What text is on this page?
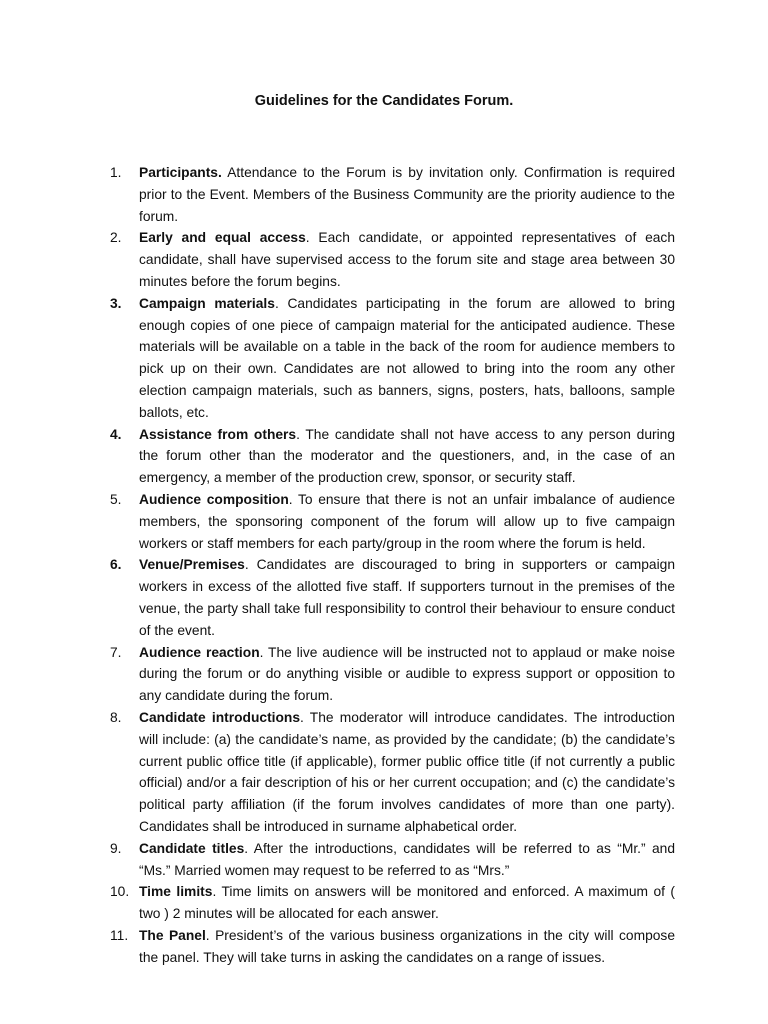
Guidelines for the Candidates Forum.
1.	Participants. Attendance to the Forum is by invitation only. Confirmation is required prior to the Event. Members of the Business Community are the priority audience to the forum.
2.	Early and equal access. Each candidate, or appointed representatives of each candidate, shall have supervised access to the forum site and stage area between 30 minutes before the forum begins.
3.	Campaign materials. Candidates participating in the forum are allowed to bring enough copies of one piece of campaign material for the anticipated audience. These materials will be available on a table in the back of the room for audience members to pick up on their own. Candidates are not allowed to bring into the room any other election campaign materials, such as banners, signs, posters, hats, balloons, sample ballots, etc.
4.	Assistance from others. The candidate shall not have access to any person during the forum other than the moderator and the questioners, and, in the case of an emergency, a member of the production crew, sponsor, or security staff.
5.	Audience composition. To ensure that there is not an unfair imbalance of audience members, the sponsoring component of the forum will allow up to five campaign workers or staff members for each party/group in the room where the forum is held.
6.	Venue/Premises. Candidates are discouraged to bring in supporters or campaign workers in excess of the allotted five staff. If supporters turnout in the premises of the venue, the party shall take full responsibility to control their behaviour to ensure conduct of the event.
7.	Audience reaction. The live audience will be instructed not to applaud or make noise during the forum or do anything visible or audible to express support or opposition to any candidate during the forum.
8.	Candidate introductions. The moderator will introduce candidates. The introduction will include: (a) the candidate’s name, as provided by the candidate; (b) the candidate’s current public office title (if applicable), former public office title (if not currently a public official) and/or a fair description of his or her current occupation; and (c) the candidate’s political party affiliation (if the forum involves candidates of more than one party). Candidates shall be introduced in surname alphabetical order.
9.	Candidate titles. After the introductions, candidates will be referred to as “Mr.” and “Ms.” Married women may request to be referred to as “Mrs.”
10. Time limits. Time limits on answers will be monitored and enforced. A maximum of ( two ) 2 minutes will be allocated for each answer.
11. The Panel. President’s of the various business organizations in the city will compose the panel. They will take turns in asking the candidates on a range of issues.
